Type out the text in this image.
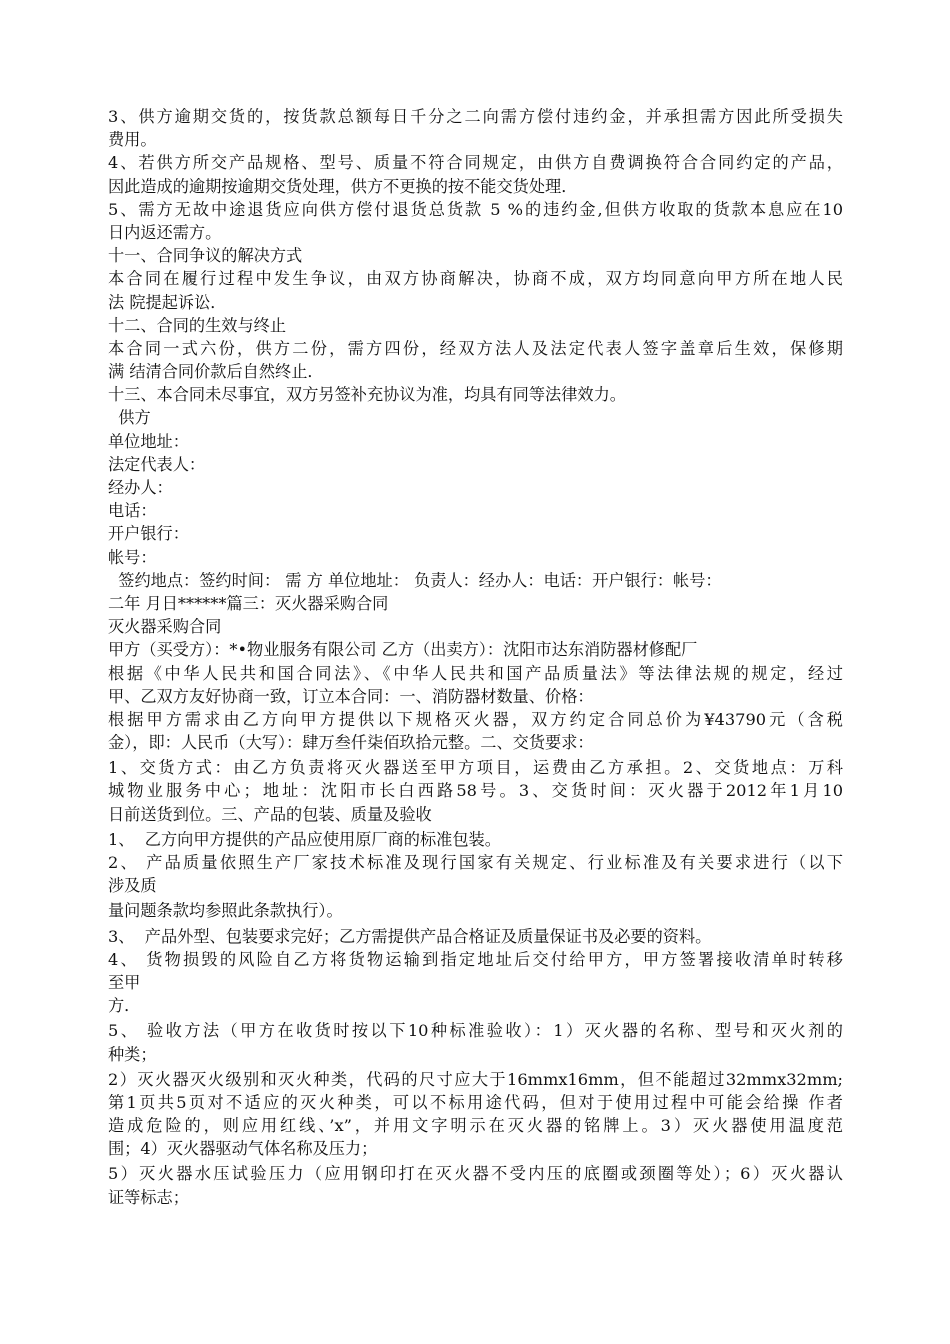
3、供方逾期交货的，按货款总额每日千分之二向需方偿付违约金，并承担需方因此所受损失
费用。
4、若供方所交产品规格、型号、质量不符合同规定，由供方自费调换符合合同约定的产品，
因此造成的逾期按逾期交货处理，供方不更换的按不能交货处理．
5、需方无故中途退货应向供方偿付退货总货款 5 %的违约金,但供方收取的货款本息应在10
日内返还需方。
十一、合同争议的解决方式
本合同在履行过程中发生争议，由双方协商解决，协商不成，双方均同意向甲方所在地人民
法 院提起诉讼．
十二、合同的生效与终止
本合同一式六份，供方二份，需方四份，经双方法人及法定代表人签字盖章后生效，保修期
满 结清合同价款后自然终止．
十三、本合同未尽事宜，双方另签补充协议为准，均具有同等法律效力。
供方
单位地址：
法定代表人：
经办人：
电话：
开户银行：
帐号：
签约地点：签约时间： 需 方 单位地址： 负责人：经办人：电话：开户银行：帐号：
二年 月日******篇三：灭火器采购合同
灭火器采购合同
甲方（买受方）：*•物业服务有限公司 乙方（出卖方）：沈阳市达东消防器材修配厂
根据《中华人民共和国合同法》、《中华人民共和国产品质量法》等法律法规的规定，经过
甲、乙双方友好协商一致，订立本合同：一、消防器材数量、价格：
根据甲方需求由乙方向甲方提供以下规格灭火器，双方约定合同总价为¥43790元（含税
金），即：人民币（大写）：肆万叁仟柒佰玖拾元整。二、交货要求：
1、交货方式：由乙方负责将灭火器送至甲方项目，运费由乙方承担。2、交货地点：万科
城物业服务中心；地址：沈阳市长白西路58号。3、交货时间：灭火器于2012年1月10
日前送货到位。三、产品的包装、质量及验收
1、  乙方向甲方提供的产品应使用原厂商的标准包装。
2、 产品质量依照生产厂家技术标准及现行国家有关规定、行业标准及有关要求进行（以下
涉及质
量问题条款均参照此条款执行）。
3、  产品外型、包装要求完好；乙方需提供产品合格证及质量保证书及必要的资料。
4、 货物损毁的风险自乙方将货物运输到指定地址后交付给甲方，甲方签署接收清单时转移
至甲
方．
5、 验收方法（甲方在收货时按以下10种标准验收）：1）灭火器的名称、型号和灭火剂的
种类；
2）灭火器灭火级别和灭火种类，代码的尺寸应大于16mmx16mm，但不能超过32mmx32mm;
第1页共5页对不适应的灭火种类，可以不标用途代码，但对于使用过程中可能会给操 作者
造成危险的，则应用红线、’x”，并用文字明示在灭火器的铭牌上。3）灭火器使用温度范
围；4）灭火器驱动气体名称及压力；
5）灭火器水压试验压力（应用钢印打在灭火器不受内压的底圈或颈圈等处）；6）灭火器认
证等标志；
